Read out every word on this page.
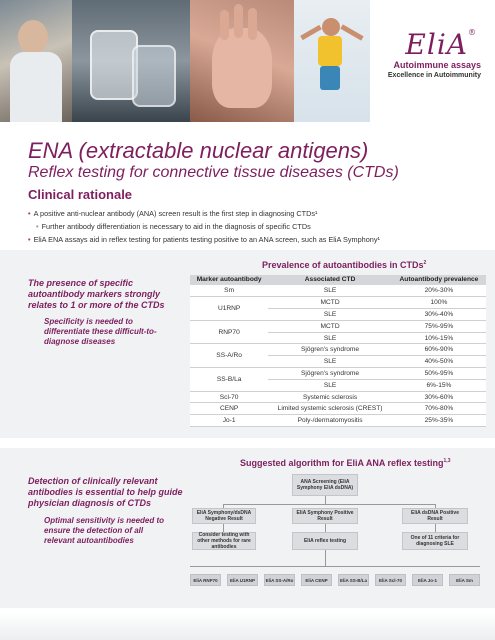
EliA®
Autoimmune assays
Excellence in Autoimmunity
ENA (extractable nuclear antigens)
Reflex testing for connective tissue diseases (CTDs)
Clinical rationale
• A positive anti-nuclear antibody (ANA) screen result is the first step in diagnosing CTDs¹
• Further antibody differentiation is necessary to aid in the diagnosis of specific CTDs
• EliA ENA assays aid in reflex testing for patients testing positive to an ANA screen, such as EliA Symphony¹
The presence of specific autoantibody markers strongly relates to 1 or more of the CTDs
Specificity is needed to differentiate these difficult-to-diagnose diseases
Prevalence of autoantibodies in CTDs$^2$
Marker autoantibody	Associated CTD	Autoantibody prevalence
Sm	SLE	20%-30%
U1RNP	MCTD	100%
	SLE	30%-40%
RNP70	MCTD	75%-95%
	SLE	10%-15%
SS-A/Ro	Sjögren's syndrome	60%-90%
	SLE	40%-50%
SS-B/La	Sjögren's syndrome	50%-95%
	SLE	6%-15%
Scl-70	Systemic sclerosis	30%-60%
CENP	Limited systemic sclerosis (CREST)	70%-80%
Jo-1	Poly-/dermatomyositis	25%-35%
Detection of clinically relevant antibodies is essential to help guide physician diagnosis of CTDs
Optimal sensitivity is needed to ensure the detection of all relevant autoantibodies
Suggested algorithm for EliA ANA reflex testing$^{1,3}$
ANA Screening (EliA Symphony EliA dsDNA)
EliA Symphony/dsDNA Negative Result
EliA Symphony Positive Result
EliA dsDNA Positive Result
Consider testing with other methods for rare antibodies
EliA reflex testing	One of 11 criteria for diagnosing SLE
EliA RNP70	EliA U1RNP	EliA SS-A/Ro	EliA CENP	EliA SS-B/La	EliA Scl-70	EliA Jo-1	EliA Sm
